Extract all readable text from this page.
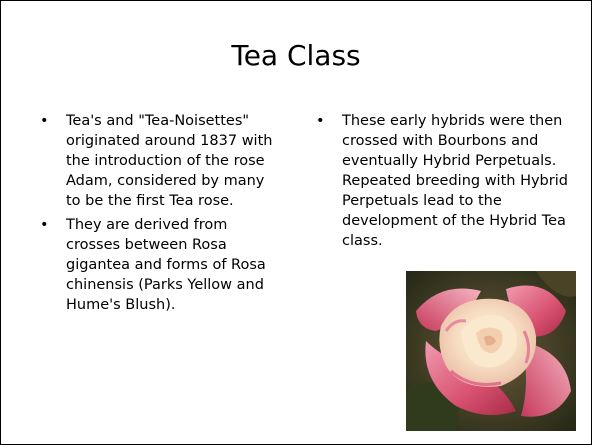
Tea Class
• Tea's and "Tea-Noisettes" originated around 1837 with the introduction of the rose Adam, considered by many to be the first Tea rose.
• They are derived from crosses between Rosa gigantea and forms of Rosa chinensis (Parks Yellow and Hume's Blush).
• These early hybrids were then crossed with Bourbons and eventually Hybrid Perpetuals. Repeated breeding with Hybrid Perpetuals lead to the development of the Hybrid Tea class.
